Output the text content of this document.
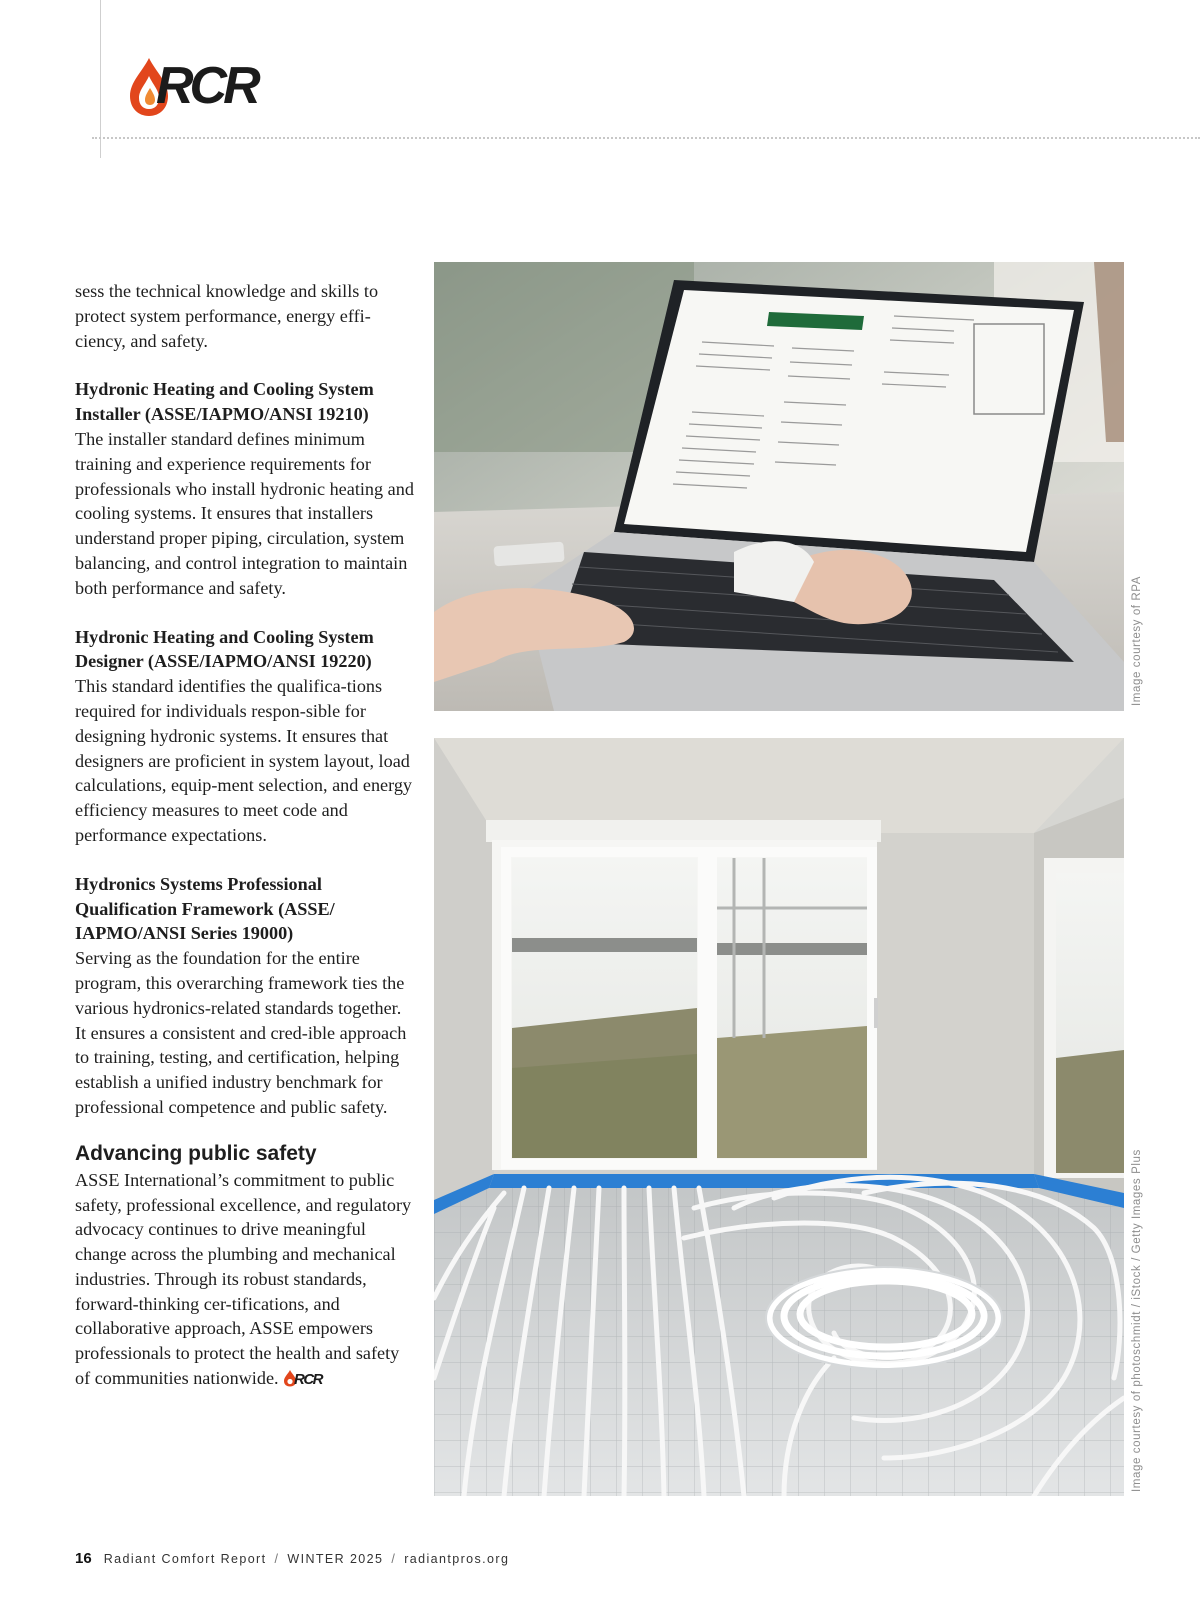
RCR

sess the technical knowledge and skills to protect system performance, energy effi-ciency, and safety.

Hydronic Heating and Cooling System Installer (ASSE/IAPMO/ANSI 19210)
The installer standard defines minimum training and experience requirements for professionals who install hydronic heating and cooling systems. It ensures that installers understand proper piping, circulation, system balancing, and control integration to maintain both performance and safety.

Hydronic Heating and Cooling System Designer (ASSE/IAPMO/ANSI 19220)
This standard identifies the qualifica-tions required for individuals respon-sible for designing hydronic systems. It ensures that designers are proficient in system layout, load calculations, equip-ment selection, and energy efficiency measures to meet code and performance expectations.

Hydronics Systems Professional Qualification Framework (ASSE/ IAPMO/ANSI Series 19000)
Serving as the foundation for the entire program, this overarching framework ties the various hydronics-related standards together. It ensures a consistent and cred-ible approach to training, testing, and certification, helping establish a unified industry benchmark for professional competence and public safety.

Advancing public safety

ASSE International’s commitment to public safety, professional excellence, and regulatory advocacy continues to drive meaningful change across the plumbing and mechanical industries. Through its robust standards, forward-thinking cer-tifications, and collaborative approach, ASSE empowers professionals to protect the health and safety of communities nationwide. RCR

Image courtesy of RPA
Image courtesy of photoschmidt / iStock / Getty Images Plus
16 Radiant Comfort Report / WINTER 2025 / radiantpros.org
